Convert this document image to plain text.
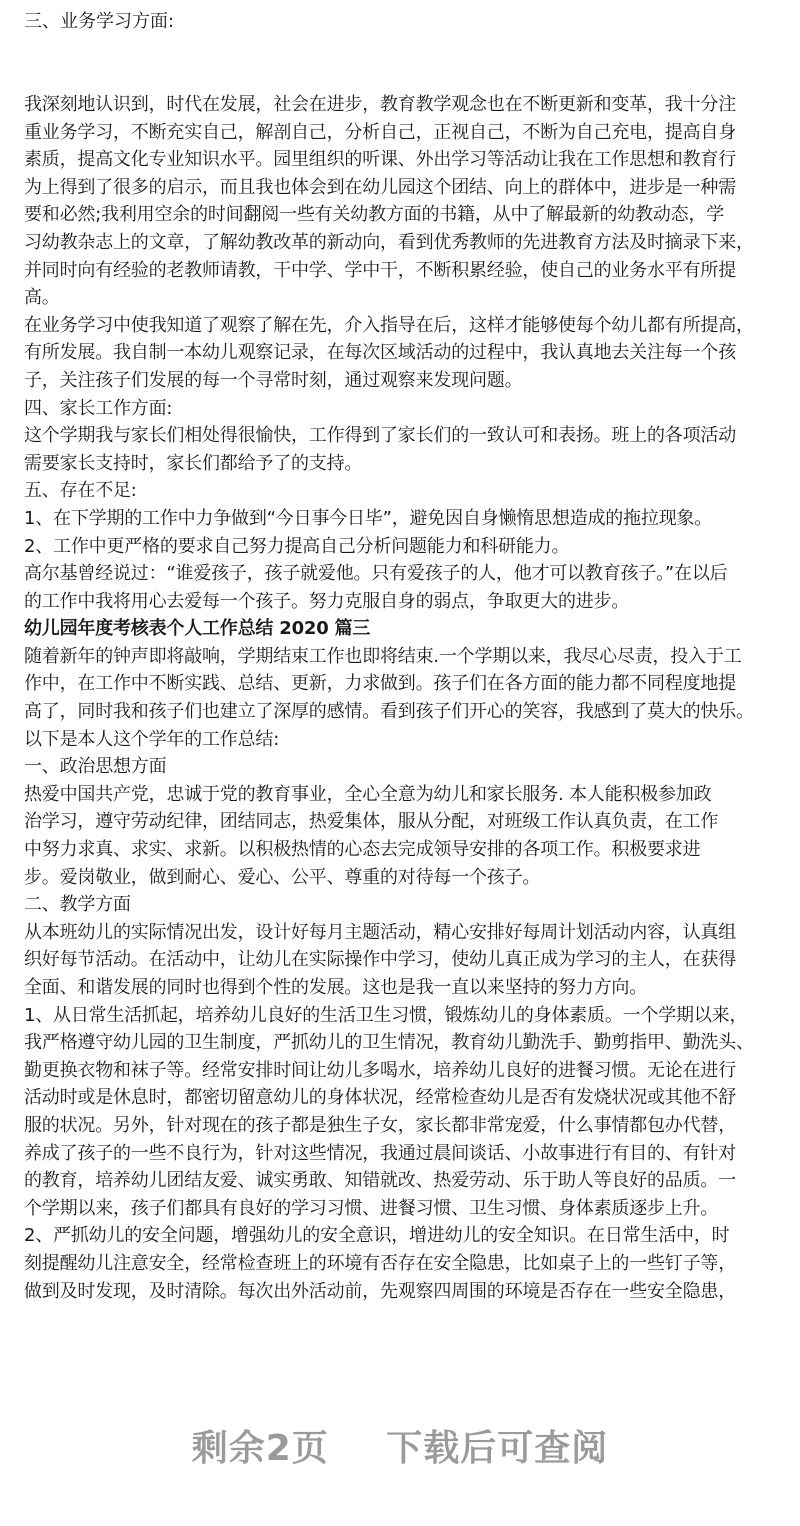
三、业务学习方面:
我深刻地认识到，时代在发展，社会在进步，教育教学观念也在不断更新和变革，我十分注
重业务学习，不断充实自己，解剖自己，分析自己，正视自己，不断为自己充电，提高自身
素质，提高文化专业知识水平。园里组织的听课、外出学习等活动让我在工作思想和教育行
为上得到了很多的启示，而且我也体会到在幼儿园这个团结、向上的群体中，进步是一种需
要和必然;我利用空余的时间翻阅一些有关幼教方面的书籍，从中了解最新的幼教动态，学
习幼教杂志上的文章，了解幼教改革的新动向，看到优秀教师的先进教育方法及时摘录下来，
并同时向有经验的老教师请教，干中学、学中干，不断积累经验，使自己的业务水平有所提
高。
在业务学习中使我知道了观察了解在先，介入指导在后，这样才能够使每个幼儿都有所提高，
有所发展。我自制一本幼儿观察记录，在每次区域活动的过程中，我认真地去关注每一个孩
子，关注孩子们发展的每一个寻常时刻，通过观察来发现问题。
四、家长工作方面:
这个学期我与家长们相处得很愉快，工作得到了家长们的一致认可和表扬。班上的各项活动
需要家长支持时，家长们都给予了的支持。
五、存在不足:
1、在下学期的工作中力争做到“今日事今日毕”，避免因自身懒惰思想造成的拖拉现象。
2、工作中更严格的要求自己努力提高自己分析问题能力和科研能力。
高尔基曾经说过：“谁爱孩子，孩子就爱他。只有爱孩子的人，他才可以教育孩子。”在以后
的工作中我将用心去爱每一个孩子。努力克服自身的弱点，争取更大的进步。
幼儿园年度考核表个人工作总结 2020 篇三
随着新年的钟声即将敲响，学期结束工作也即将结束.一个学期以来，我尽心尽责，投入于工
作中，在工作中不断实践、总结、更新，力求做到。孩子们在各方面的能力都不同程度地提
高了，同时我和孩子们也建立了深厚的感情。看到孩子们开心的笑容，我感到了莫大的快乐。
以下是本人这个学年的工作总结:
一、政治思想方面
热爱中国共产党，忠诚于党的教育事业，全心全意为幼儿和家长服务. 本人能积极参加政
治学习，遵守劳动纪律，团结同志，热爱集体，服从分配，对班级工作认真负责，在工作
中努力求真、求实、求新。以积极热情的心态去完成领导安排的各项工作。积极要求进
步。爱岗敬业，做到耐心、爱心、公平、尊重的对待每一个孩子。
二、教学方面
从本班幼儿的实际情况出发，设计好每月主题活动，精心安排好每周计划活动内容，认真组
织好每节活动。在活动中，让幼儿在实际操作中学习，使幼儿真正成为学习的主人，在获得
全面、和谐发展的同时也得到个性的发展。这也是我一直以来坚持的努力方向。
1、从日常生活抓起，培养幼儿良好的生活卫生习惯，锻炼幼儿的身体素质。一个学期以来，
我严格遵守幼儿园的卫生制度，严抓幼儿的卫生情况，教育幼儿勤洗手、勤剪指甲、勤洗头、
勤更换衣物和袜子等。经常安排时间让幼儿多喝水，培养幼儿良好的进餐习惯。无论在进行
活动时或是休息时，都密切留意幼儿的身体状况，经常检查幼儿是否有发烧状况或其他不舒
服的状况。另外，针对现在的孩子都是独生子女，家长都非常宠爱，什么事情都包办代替，
养成了孩子的一些不良行为，针对这些情况，我通过晨间谈话、小故事进行有目的、有针对
的教育，培养幼儿团结友爱、诚实勇敢、知错就改、热爱劳动、乐于助人等良好的品质。一
个学期以来，孩子们都具有良好的学习习惯、进餐习惯、卫生习惯、身体素质逐步上升。
2、严抓幼儿的安全问题，增强幼儿的安全意识，增进幼儿的安全知识。在日常生活中，时
刻提醒幼儿注意安全，经常检查班上的环境有否存在安全隐患，比如桌子上的一些钉子等，
做到及时发现，及时清除。每次出外活动前，先观察四周围的环境是否存在一些安全隐患，
剩余2页 下载后可查阅
